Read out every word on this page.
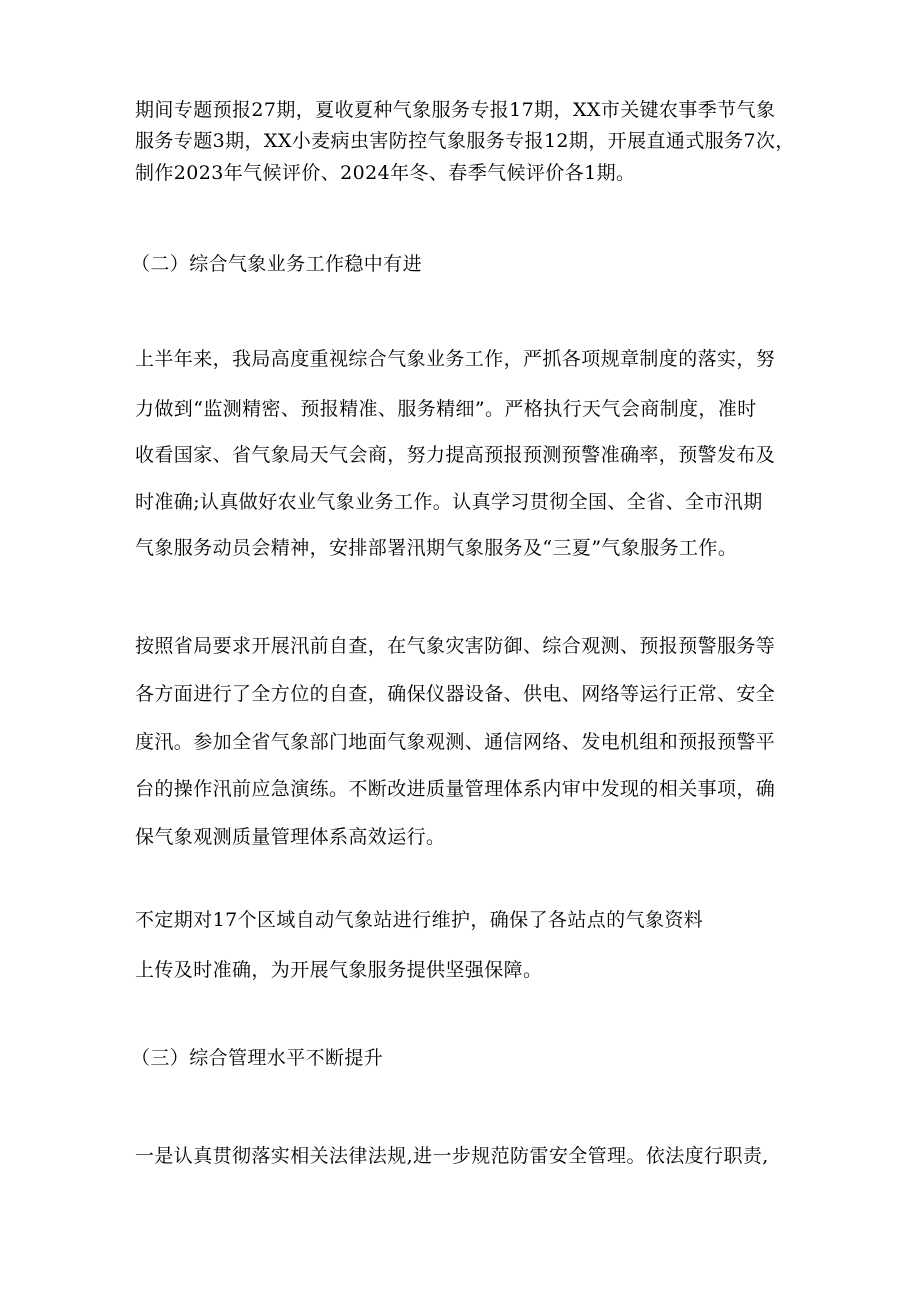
期间专题预报27期，夏收夏种气象服务专报17期，XX市关键农事季节气象
服务专题3期，XX小麦病虫害防控气象服务专报12期，开展直通式服务7次，
制作2023年气候评价、2024年冬、春季气候评价各1期。
（二）综合气象业务工作稳中有进
上半年来，我局高度重视综合气象业务工作，严抓各项规章制度的落实，努
力做到“监测精密、预报精准、服务精细”。严格执行天气会商制度，准时
收看国家、省气象局天气会商，努力提高预报预测预警准确率，预警发布及
时准确;认真做好农业气象业务工作。认真学习贯彻全国、全省、全市汛期
气象服务动员会精神，安排部署汛期气象服务及“三夏”气象服务工作。
按照省局要求开展汛前自查，在气象灾害防御、综合观测、预报预警服务等
各方面进行了全方位的自查，确保仪器设备、供电、网络等运行正常、安全
度汛。参加全省气象部门地面气象观测、通信网络、发电机组和预报预警平
台的操作汛前应急演练。不断改进质量管理体系内审中发现的相关事项，确
保气象观测质量管理体系高效运行。
不定期对17个区域自动气象站进行维护，确保了各站点的气象资料
上传及时准确，为开展气象服务提供坚强保障。
（三）综合管理水平不断提升
一是认真贯彻落实相关法律法规,进一步规范防雷安全管理。依法度行职责,
